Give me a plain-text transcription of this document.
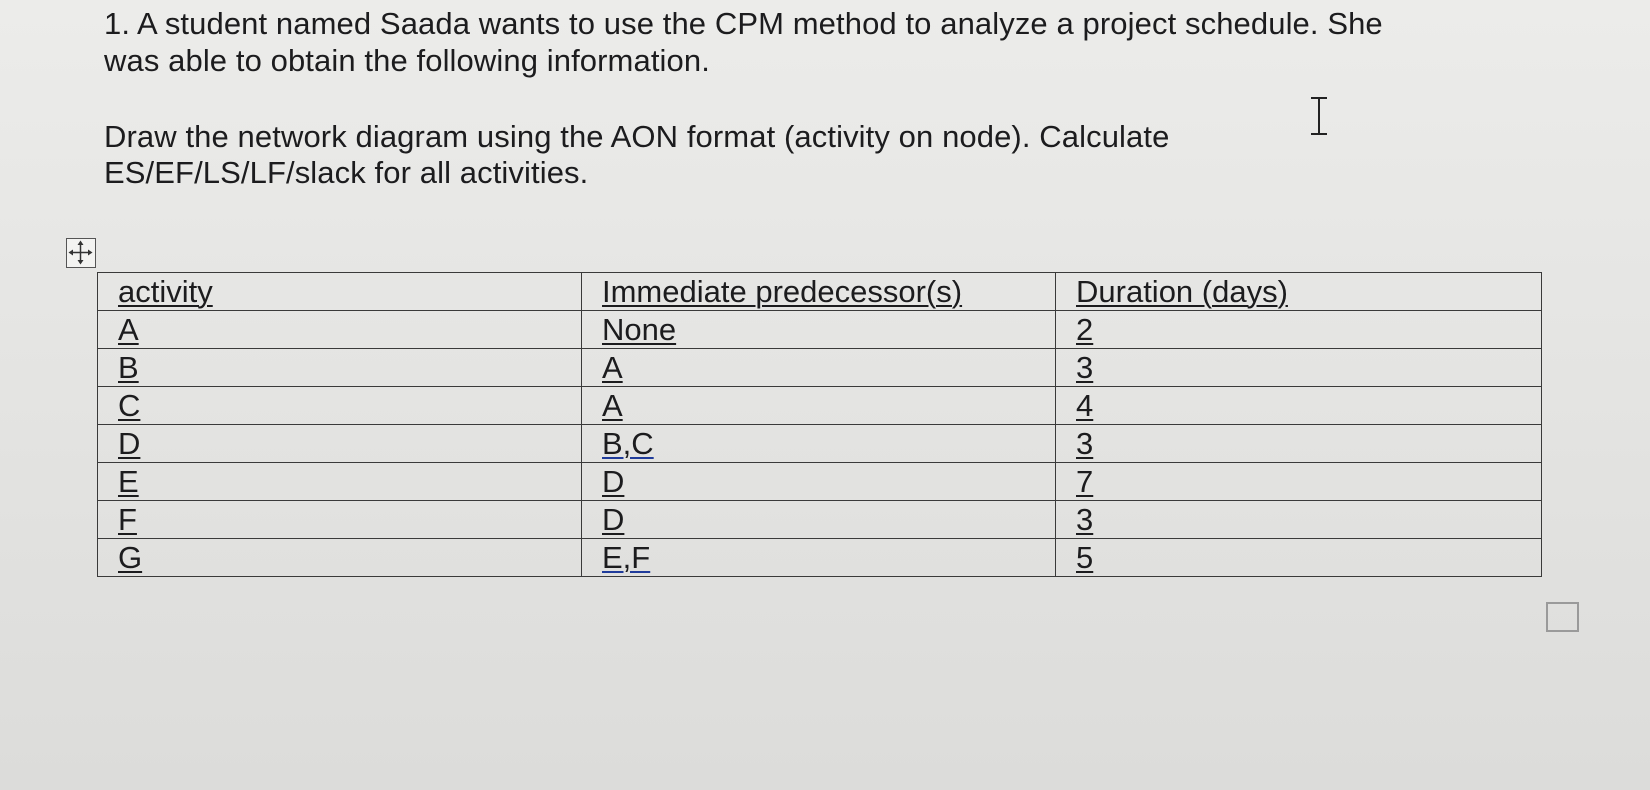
1. A student named Saada wants to use the CPM method to analyze a project schedule. She
was able to obtain the following information.
Draw the network diagram using the AON format (activity on node). Calculate
ES/EF/LS/LF/slack for all activities.
activity	Immediate predecessor(s)	Duration (days)
A	None	2
B	A	3
C	A	4
D	B,C	3
E	D	7
F	D	3
G	E,F	5
